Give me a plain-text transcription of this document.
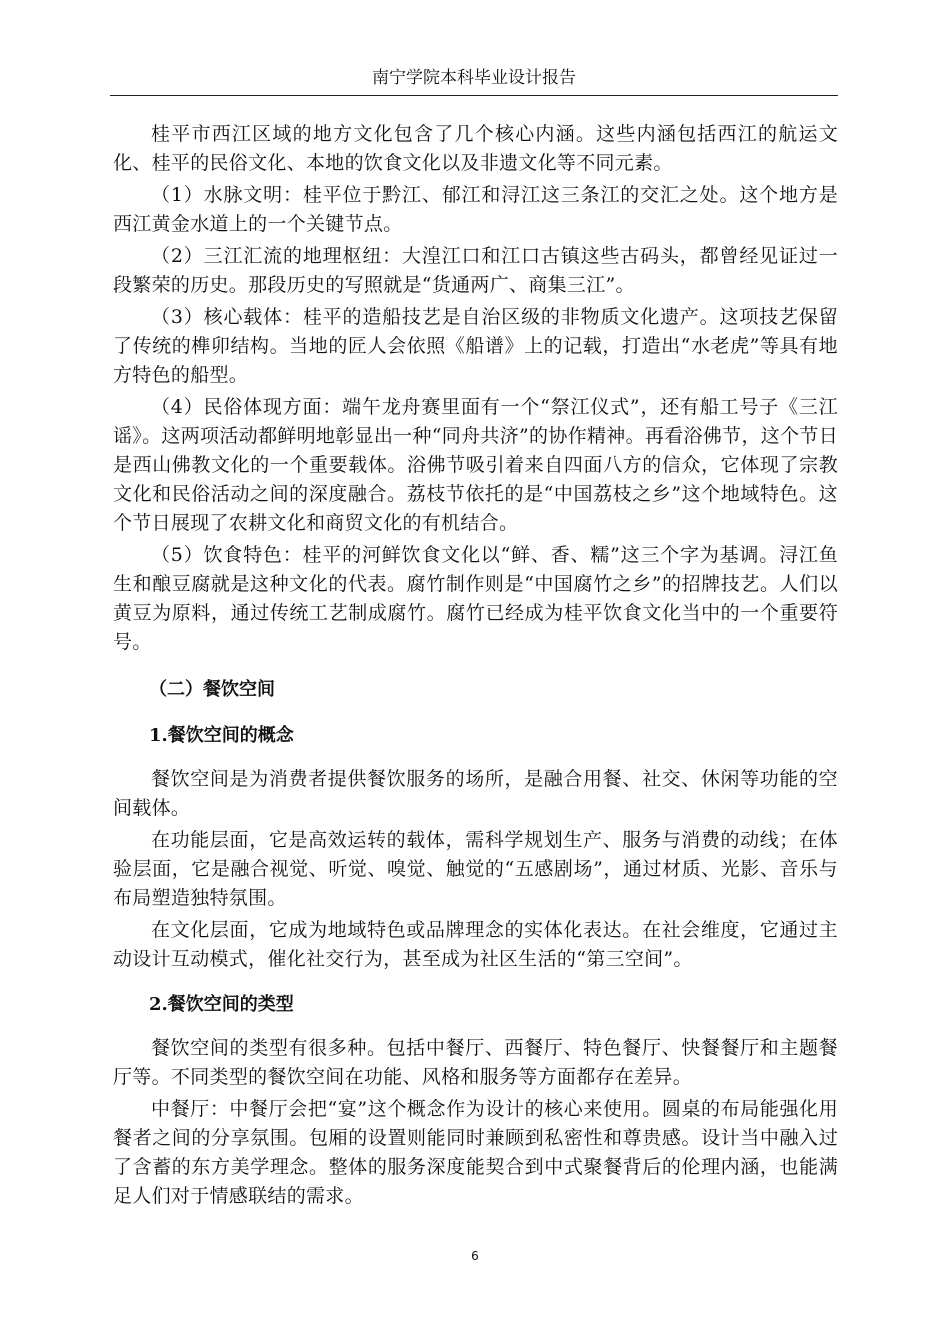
南宁学院本科毕业设计报告

桂平市西江区域的地方文化包含了几个核心内涵。这些内涵包括西江的航运文化、桂平的民俗文化、本地的饮食文化以及非遗文化等不同元素。

（1）水脉文明：桂平位于黔江、郁江和浔江这三条江的交汇之处。这个地方是西江黄金水道上的一个关键节点。

（2）三江汇流的地理枢纽：大湟江口和江口古镇这些古码头，都曾经见证过一段繁荣的历史。那段历史的写照就是“货通两广、商集三江”。

（3）核心载体：桂平的造船技艺是自治区级的非物质文化遗产。这项技艺保留了传统的榫卯结构。当地的匠人会依照《船谱》上的记载，打造出“水老虎”等具有地方特色的船型。

（4）民俗体现方面：端午龙舟赛里面有一个“祭江仪式”，还有船工号子《三江谣》。这两项活动都鲜明地彰显出一种“同舟共济”的协作精神。再看浴佛节，这个节日是西山佛教文化的一个重要载体。浴佛节吸引着来自四面八方的信众，它体现了宗教文化和民俗活动之间的深度融合。荔枝节依托的是“中国荔枝之乡”这个地域特色。这个节日展现了农耕文化和商贸文化的有机结合。

（5）饮食特色：桂平的河鲜饮食文化以“鲜、香、糯”这三个字为基调。浔江鱼生和酿豆腐就是这种文化的代表。腐竹制作则是“中国腐竹之乡”的招牌技艺。人们以黄豆为原料，通过传统工艺制成腐竹。腐竹已经成为桂平饮食文化当中的一个重要符号。

（二）餐饮空间
1.餐饮空间的概念

餐饮空间是为消费者提供餐饮服务的场所，是融合用餐、社交、休闲等功能的空间载体。

在功能层面，它是高效运转的载体，需科学规划生产、服务与消费的动线；在体验层面，它是融合视觉、听觉、嗅觉、触觉的“五感剧场”，通过材质、光影、音乐与布局塑造独特氛围。

在文化层面，它成为地域特色或品牌理念的实体化表达。在社会维度，它通过主动设计互动模式，催化社交行为，甚至成为社区生活的“第三空间”。

2.餐饮空间的类型

餐饮空间的类型有很多种。包括中餐厅、西餐厅、特色餐厅、快餐餐厅和主题餐厅等。不同类型的餐饮空间在功能、风格和服务等方面都存在差异。

中餐厅：中餐厅会把“宴”这个概念作为设计的核心来使用。圆桌的布局能强化用餐者之间的分享氛围。包厢的设置则能同时兼顾到私密性和尊贵感。设计当中融入过了含蓄的东方美学理念。整体的服务深度能契合到中式聚餐背后的伦理内涵，也能满足人们对于情感联结的需求。

6
